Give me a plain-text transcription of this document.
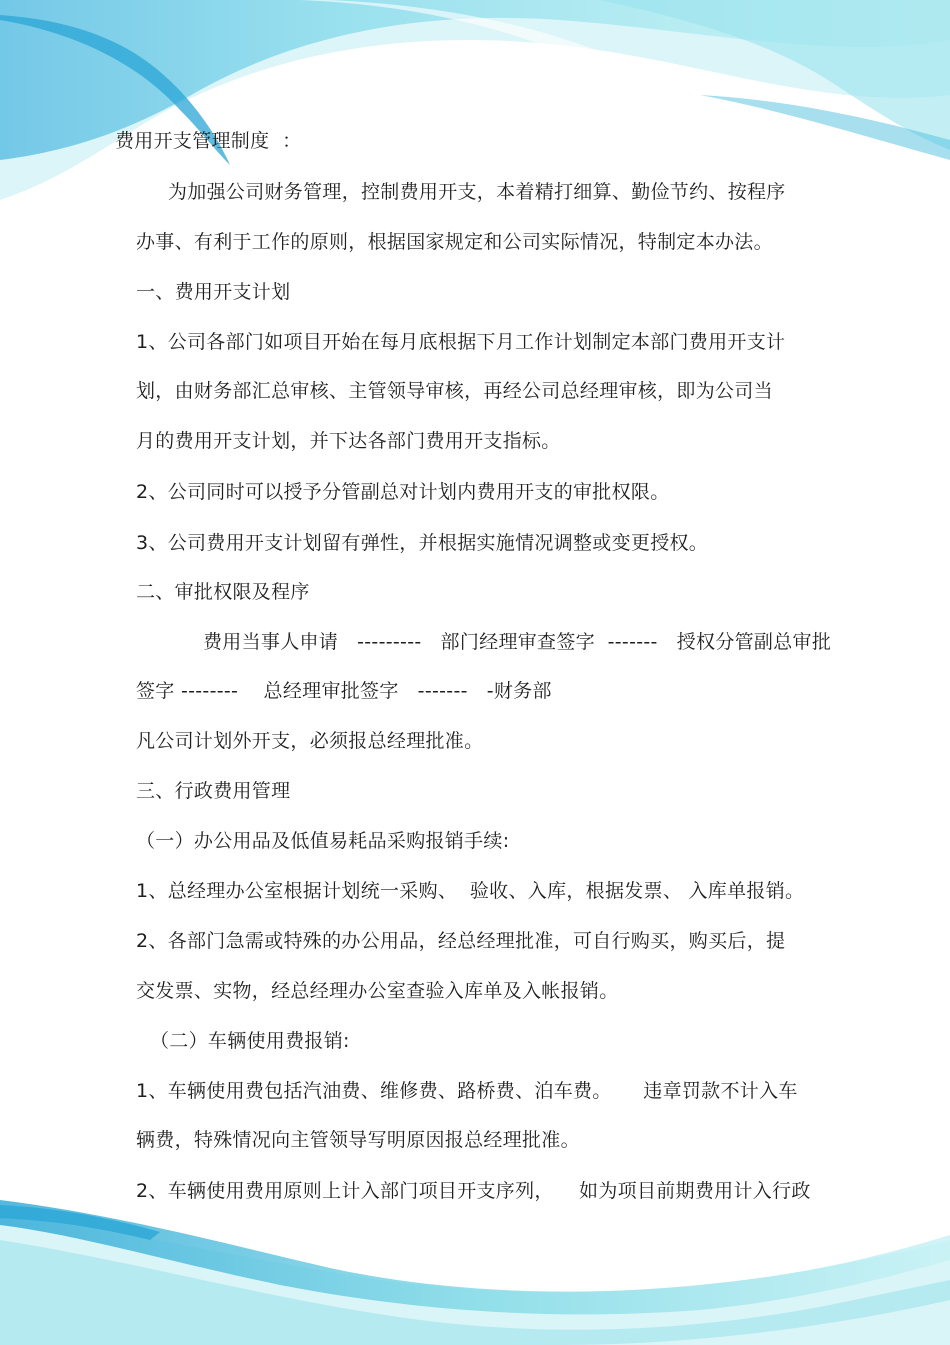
费用开支管理制度  ：
为加强公司财务管理，控制费用开支，本着精打细算、勤俭节约、按程序
办事、有利于工作的原则，根据国家规定和公司实际情况，特制定本办法。
一、费用开支计划
1、公司各部门如项目开始在每月底根据下月工作计划制定本部门费用开支计
划，由财务部汇总审核、主管领导审核，再经公司总经理审核，即为公司当
月的费用开支计划，并下达各部门费用开支指标。
2、公司同时可以授予分管副总对计划内费用开支的审批权限。
3、公司费用开支计划留有弹性，并根据实施情况调整或变更授权。
二、审批权限及程序
费用当事人申请   ---------   部门经理审查签字  -------   授权分管副总审批
签字 --------    总经理审批签字   -------   -财务部
凡公司计划外开支，必须报总经理批准。
三、行政费用管理
（一）办公用品及低值易耗品采购报销手续:
1、总经理办公室根据计划统一采购、  验收、入库，根据发票、 入库单报销。
2、各部门急需或特殊的办公用品，经总经理批准，可自行购买，购买后，提
交发票、实物，经总经理办公室查验入库单及入帐报销。
（二）车辆使用费报销:
1、车辆使用费包括汽油费、维修费、路桥费、泊车费。     违章罚款不计入车
辆费，特殊情况向主管领导写明原因报总经理批准。
2、车辆使用费用原则上计入部门项目开支序列，    如为项目前期费用计入行政
